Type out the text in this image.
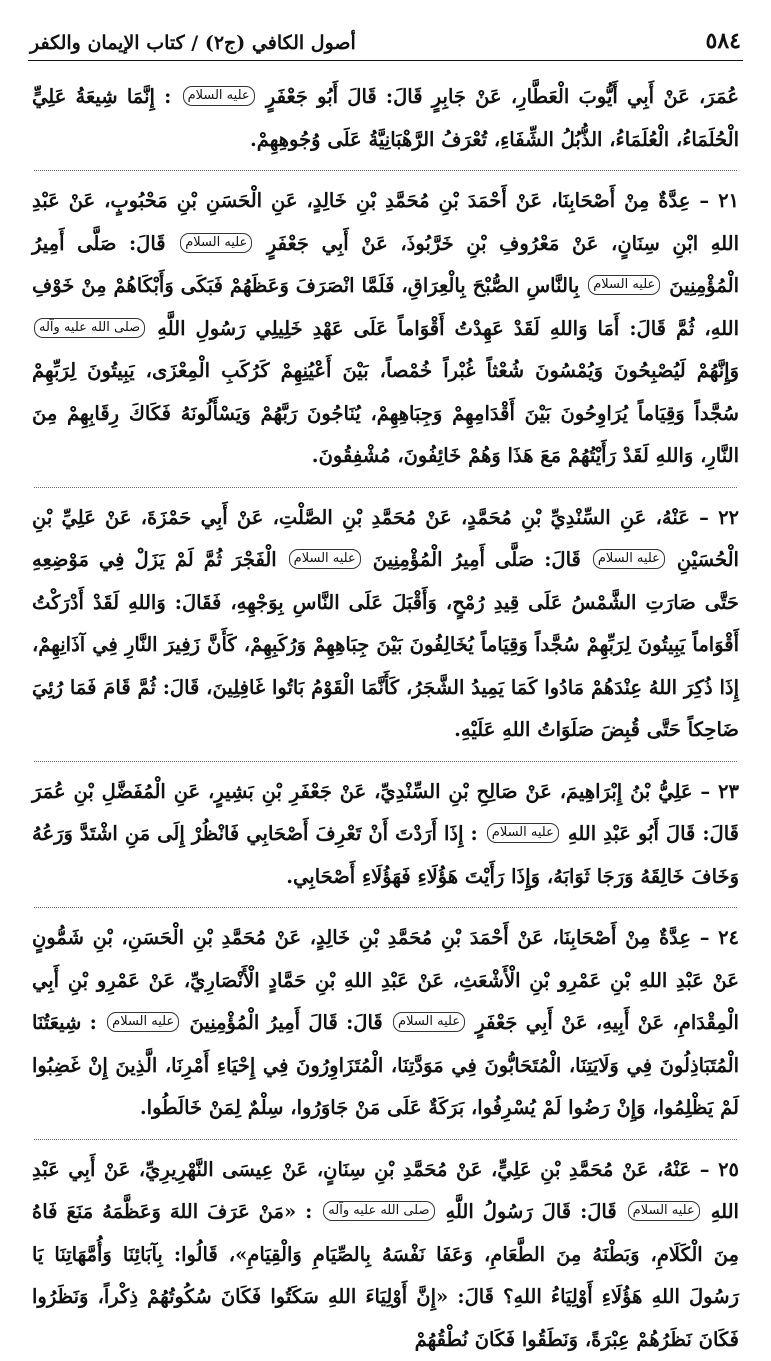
٥٨٤
أصول الكافي (ج٢) / كتاب الإيمان والكفر

عُمَرَ، عَنْ أَبِي أَيُّوبَ الْعَطَّارِ، عَنْ جَابِرٍ قَالَ: قَالَ أَبُو جَعْفَرٍ عليه السلام : إِنَّمَا شِيعَةُ عَلِيٍّ الْحُلَمَاءُ، الْعُلَمَاءُ، الذُّبُلُ الشِّفَاءِ، تُعْرَفُ الرَّهْبَانِيَّةُ عَلَى وُجُوهِهِمْ.

٢١ – عِدَّةٌ مِنْ أَصْحَابِنَا، عَنْ أَحْمَدَ بْنِ مُحَمَّدِ بْنِ خَالِدٍ، عَنِ الْحَسَنِ بْنِ مَحْبُوبٍ، عَنْ عَبْدِ اللهِ ابْنِ سِنَانٍ، عَنْ مَعْرُوفِ بْنِ خَرَّبُوذَ، عَنْ أَبِي جَعْفَرٍ عليه السلام قَالَ: صَلَّى أَمِيرُ الْمُؤْمِنِينَ عليه السلام بِالنَّاسِ الصُّبْحَ بِالْعِرَاقِ، فَلَمَّا انْصَرَفَ وَعَظَهُمْ فَبَكَى وَأَبْكَاهُمْ مِنْ خَوْفِ اللهِ، ثُمَّ قَالَ: أَمَا وَاللهِ لَقَدْ عَهِدْتُ أَقْوَاماً عَلَى عَهْدِ خَلِيلِي رَسُولِ اللَّهِ صلى الله عليه وآله وَإِنَّهُمْ لَيُصْبِحُونَ وَيُمْسُونَ شُعْثاً غُبْراً خُمْصاً، بَيْنَ أَعْيُنِهِمْ كَرُكَبِ الْمِعْزَى، يَبِيتُونَ لِرَبِّهِمْ سُجَّداً وَقِيَاماً يُرَاوِحُونَ بَيْنَ أَقْدَامِهِمْ وَجِبَاهِهِمْ، يُنَاجُونَ رَبَّهُمْ وَيَسْأَلُونَهُ فَكَاكَ رِقَابِهِمْ مِنَ النَّارِ، وَاللهِ لَقَدْ رَأَيْتُهُمْ مَعَ هَذَا وَهُمْ خَائِفُونَ، مُشْفِقُونَ.

٢٢ – عَنْهُ، عَنِ السِّنْدِيِّ بْنِ مُحَمَّدٍ، عَنْ مُحَمَّدِ بْنِ الصَّلْتِ، عَنْ أَبِي حَمْزَةَ، عَنْ عَلِيِّ بْنِ الْحُسَيْنِ عليه السلام قَالَ: صَلَّى أَمِيرُ الْمُؤْمِنِينَ عليه السلام الْفَجْرَ ثُمَّ لَمْ يَزَلْ فِي مَوْضِعِهِ حَتَّى صَارَتِ الشَّمْسُ عَلَى قِيدِ رُمْحٍ، وَأَقْبَلَ عَلَى النَّاسِ بِوَجْهِهِ، فَقَالَ: وَاللهِ لَقَدْ أَدْرَكْتُ أَقْوَاماً يَبِيتُونَ لِرَبِّهِمْ سُجَّداً وَقِيَاماً يُخَالِفُونَ بَيْنَ جِبَاهِهِمْ وَرُكَبِهِمْ، كَأَنَّ زَفِيرَ النَّارِ فِي آذَانِهِمْ، إِذَا ذُكِرَ اللهُ عِنْدَهُمْ مَادُوا كَمَا يَمِيدُ الشَّجَرُ، كَأَنَّمَا الْقَوْمُ بَاتُوا غَافِلِينَ، قَالَ: ثُمَّ قَامَ فَمَا رُئِيَ ضَاحِكاً حَتَّى قُبِضَ صَلَوَاتُ اللهِ عَلَيْهِ.

٢٣ – عَلِيُّ بْنُ إِبْرَاهِيمَ، عَنْ صَالِحِ بْنِ السِّنْدِيِّ، عَنْ جَعْفَرِ بْنِ بَشِيرٍ، عَنِ الْمُفَضَّلِ بْنِ عُمَرَ قَالَ: قَالَ أَبُو عَبْدِ اللهِ عليه السلام : إِذَا أَرَدْتَ أَنْ تَعْرِفَ أَصْحَابِي فَانْظُرْ إِلَى مَنِ اشْتَدَّ وَرَعُهُ وَخَافَ خَالِقَهُ وَرَجَا ثَوَابَهُ، وَإِذَا رَأَيْتَ هَؤُلَاءِ فَهَؤُلَاءِ أَصْحَابِي.

٢٤ – عِدَّةٌ مِنْ أَصْحَابِنَا، عَنْ أَحْمَدَ بْنِ مُحَمَّدِ بْنِ خَالِدٍ، عَنْ مُحَمَّدِ بْنِ الْحَسَنِ، بْنِ شَمُّونٍ عَنْ عَبْدِ اللهِ بْنِ عَمْرِو بْنِ الْأَشْعَثِ، عَنْ عَبْدِ اللهِ بْنِ حَمَّادٍ الْأَنْصَارِيِّ، عَنْ عَمْرِو بْنِ أَبِي الْمِقْدَامِ، عَنْ أَبِيهِ، عَنْ أَبِي جَعْفَرٍ عليه السلام قَالَ: قَالَ أَمِيرُ الْمُؤْمِنِينَ عليه السلام : شِيعَتُنَا الْمُتَبَاذِلُونَ فِي وَلَايَتِنَا، الْمُتَحَابُّونَ فِي مَوَدَّتِنَا، الْمُتَزَاوِرُونَ فِي إِحْيَاءِ أَمْرِنَا، الَّذِينَ إِنْ غَضِبُوا لَمْ يَظْلِمُوا، وَإِنْ رَضُوا لَمْ يُسْرِفُوا، بَرَكَةٌ عَلَى مَنْ جَاوَرُوا، سِلْمٌ لِمَنْ خَالَطُوا.

٢٥ – عَنْهُ، عَنْ مُحَمَّدِ بْنِ عَلِيٍّ، عَنْ مُحَمَّدِ بْنِ سِنَانٍ، عَنْ عِيسَى النَّهْرِيرِيِّ، عَنْ أَبِي عَبْدِ اللهِ عليه السلام قَالَ: قَالَ رَسُولُ اللَّهِ صلى الله عليه وآله : «مَنْ عَرَفَ اللهَ وَعَظَّمَهُ مَنَعَ فَاهُ مِنَ الْكَلَامِ، وَبَطْنَهُ مِنَ الطَّعَامِ، وَعَفَا نَفْسَهُ بِالصِّيَامِ وَالْقِيَامِ»، قَالُوا: بِآبَائِنَا وَأُمَّهَاتِنَا يَا رَسُولَ اللهِ هَؤُلَاءِ أَوْلِيَاءُ اللهِ؟ قَالَ: «إِنَّ أَوْلِيَاءَ اللهِ سَكَتُوا فَكَانَ سُكُوتُهُمْ ذِكْراً، وَنَظَرُوا فَكَانَ نَظَرُهُمْ عِبْرَةً، وَنَطَقُوا فَكَانَ نُطْقُهُمْ
